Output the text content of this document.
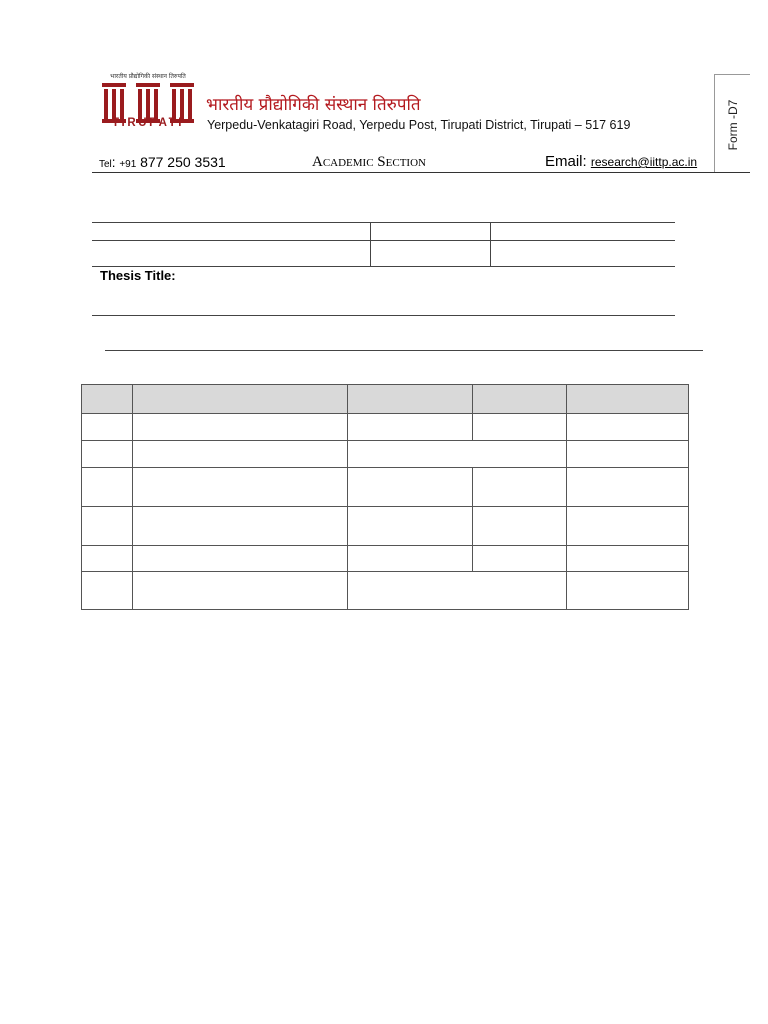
भारतीय प्रौद्योगिकी संस्थान तिरुपति
TIRUPATI
भारतीय प्रौद्योगिकी संस्थान तिरुपति
Yerpedu-Venkatagiri Road, Yerpedu Post, Tirupati District, Tirupati – 517 619	Form -D7
Tel: +91 877 250 3531	Academic Section	Email: research@iittp.ac.in
Thesis Title:
